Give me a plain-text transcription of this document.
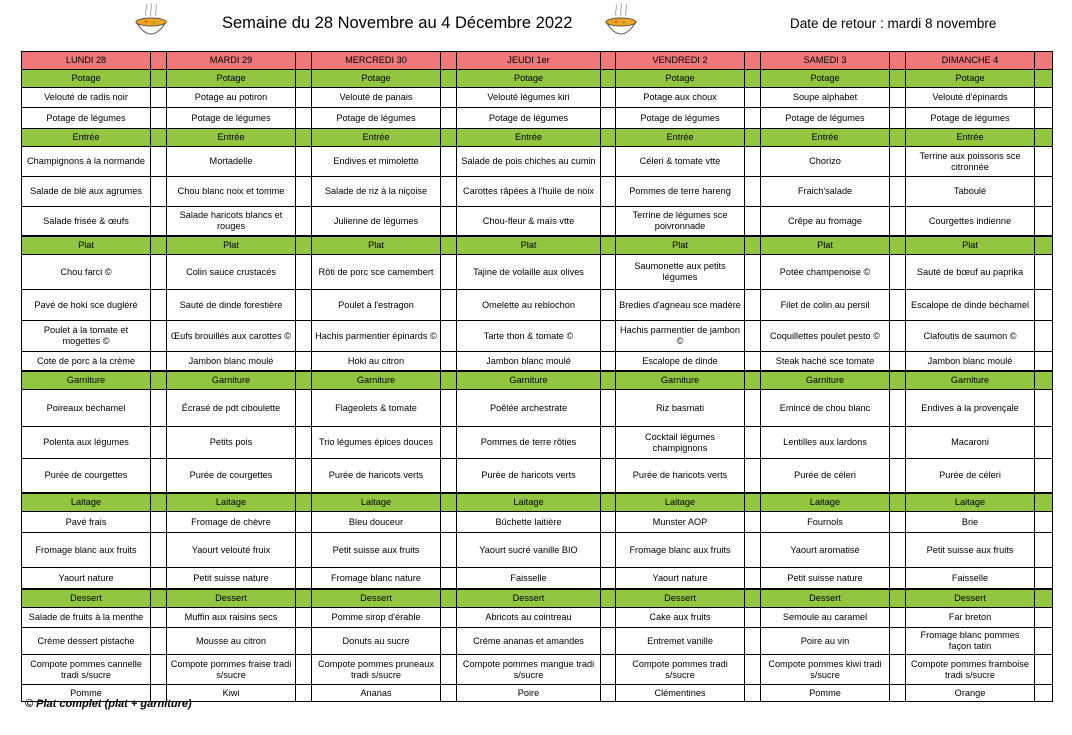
Semaine du 28 Novembre au 4 Décembre 2022	Date de retour : mardi 8 novembre
LUNDI 28		MARDI 29		MERCREDI 30		JEUDI 1er		VENDREDI 2		SAMEDI 3		DIMANCHE 4	
Potage		Potage		Potage		Potage		Potage		Potage		Potage	
Velouté de radis noir		Potage au potiron		Velouté de panais		Velouté légumes kiri		Potage aux choux		Soupe alphabet		Velouté d'épinards	
Potage de légumes		Potage de légumes		Potage de légumes		Potage de légumes		Potage de légumes		Potage de légumes		Potage de légumes	
Entrée		Entrée		Entrée		Entrée		Entrée		Entrée		Entrée	
Champignons à la normande		Mortadelle		Endives et mimolette		Salade de pois chiches au cumin		Céleri & tomate vtte		Chorizo		Terrine aux poissons sce citronnée	
Salade de blé aux agrumes		Chou blanc noix et tomme		Salade de riz à la niçoise		Carottes râpées à l'huile de noix		Pommes de terre hareng		Fraich'salade		Taboulé	
Salade frisée & œufs		Salade haricots blancs et rouges		Julienne de légumes		Chou-fleur & maïs vtte		Terrine de légumes sce poivronnade		Crêpe au fromage		Courgettes indienne	
Plat		Plat		Plat		Plat		Plat		Plat		Plat	
Chou farci ©		Colin sauce crustacés		Rôti de porc sce camembert		Tajine de volaille aux olives		Saumonette aux petits légumes		Potée champenoise ©		Sauté de bœuf au paprika	
Pavé de hoki sce dugléré		Sauté de dinde forestière		Poulet à l'estragon		Omelette au reblochon		Bredies d'agneau sce madère		Filet de colin au persil		Escalope de dinde béchamel	
Poulet à la tomate et mogettes ©		Œufs brouillés aux carottes ©		Hachis parmentier épinards ©		Tarte thon & tomate ©		Hachis parmentier de jambon ©		Coquillettes poulet pesto ©		Clafoutis de saumon ©	
Cote de porc à la crème		Jambon blanc moulé		Hoki au citron		Jambon blanc moulé		Escalope de dinde		Steak haché sce tomate		Jambon blanc moulé	
Garniture		Garniture		Garniture		Garniture		Garniture		Garniture		Garniture	
Poireaux béchamel		Écrasé de pdt ciboulette		Flageolets & tomate		Poêlée archestrate		Riz basmati		Emincé de chou blanc		Endives à la provençale	
Polenta aux légumes		Petits pois		Trio légumes épices douces		Pommes de terre rôties		Cocktail légumes champignons		Lentilles aux lardons		Macaroni	
Purée de courgettes		Purée de courgettes		Purée de haricots verts		Purée de haricots verts		Purée de haricots verts		Purée de céleri		Purée de céleri	
Laitage		Laitage		Laitage		Laitage		Laitage		Laitage		Laitage	
Pavé frais		Fromage de chèvre		Bleu douceur		Bûchette laitière		Munster AOP		Fournols		Brie	
Fromage blanc aux fruits		Yaourt velouté fruix		Petit suisse aux fruits		Yaourt sucré vanille BIO		Fromage blanc aux fruits		Yaourt aromatisé		Petit suisse aux fruits	
Yaourt nature		Petit suisse nature		Fromage blanc nature		Faisselle		Yaourt nature		Petit suisse nature		Faisselle	
Dessert		Dessert		Dessert		Dessert		Dessert		Dessert		Dessert	
Salade de fruits à la menthe		Muffin aux raisins secs		Pomme sirop d'érable		Abricots au cointreau		Cake aux fruits		Semoule au caramel		Far breton	
Crème dessert pistache		Mousse au citron		Donuts au sucre		Crème ananas et amandes		Entremet vanille		Poire au vin		Fromage blanc pommes façon tatin	
Compote pommes cannelle tradi s/sucre		Compote pommes fraise tradi s/sucre		Compote pommes pruneaux tradi s/sucre		Compote pommes mangue tradi s/sucre		Compote pommes tradi s/sucre		Compote pommes kiwi tradi s/sucre		Compote pommes framboise tradi s/sucre	
Pomme		Kiwi		Ananas		Poire		Clémentines		Pomme		Orange	
© Plat complet (plat + garniture)
